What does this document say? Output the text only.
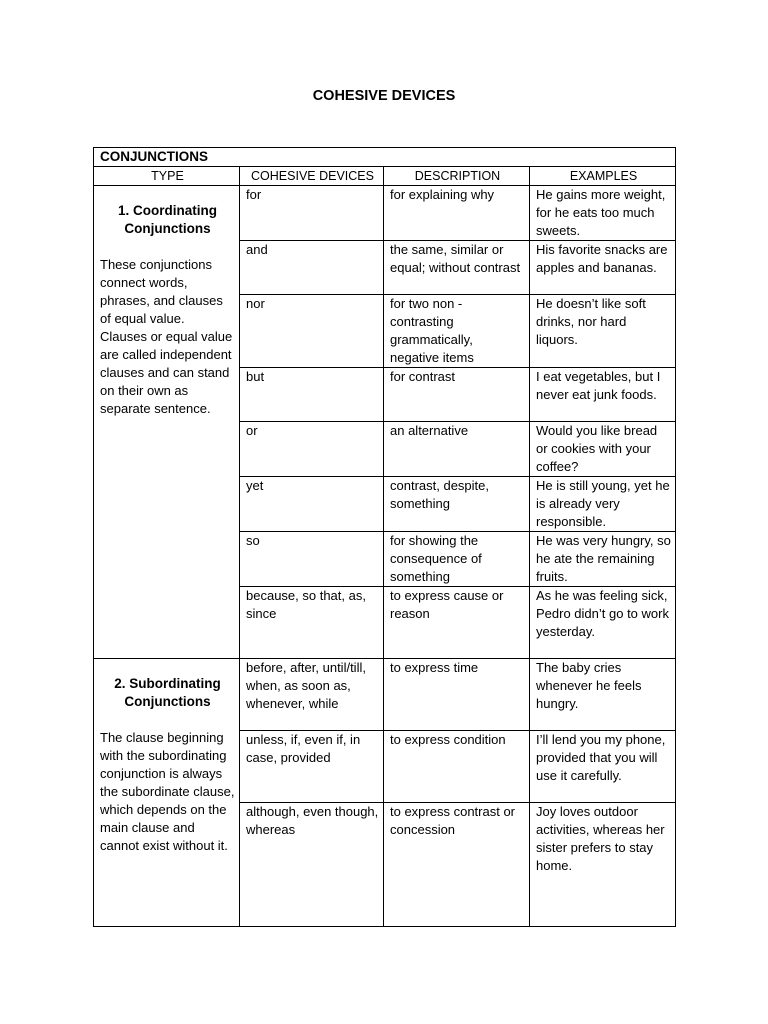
COHESIVE DEVICES
CONJUNCTIONS			
TYPE	COHESIVE DEVICES	DESCRIPTION	EXAMPLES

1. Coordinating Conjunctions

These conjunctions connect words, phrases, and clauses of equal value. Clauses or equal value are called independent clauses and can stand on their own as separate sentence.	for	for explaining why	He gains more weight, for he eats too much sweets.
	and	the same, similar or equal; without contrast	His favorite snacks are apples and bananas.
	nor	for two non - contrasting grammatically, negative items	He doesn’t like soft drinks, nor hard liquors.
	but	for contrast	I eat vegetables, but I never eat junk foods.
	or	an alternative	Would you like bread or cookies with your coffee?
	yet	contrast, despite, something	He is still young, yet he is already very responsible.
	so	for showing the consequence of something	He was very hungry, so he ate the remaining fruits.
	because, so that, as, since	to express cause or reason	As he was feeling sick, Pedro didn’t go to work yesterday.

2. Subordinating Conjunctions

The clause beginning with the subordinating conjunction is always the subordinate clause, which depends on the main clause and cannot exist without it.	before, after, until/till, when, as soon as, whenever, while	to express time	The baby cries whenever he feels hungry.
	unless, if, even if, in case, provided	to express condition	I’ll lend you my phone, provided that you will use it carefully.
	although, even though, whereas	to express contrast or concession	Joy loves outdoor activities, whereas her sister prefers to stay home.
